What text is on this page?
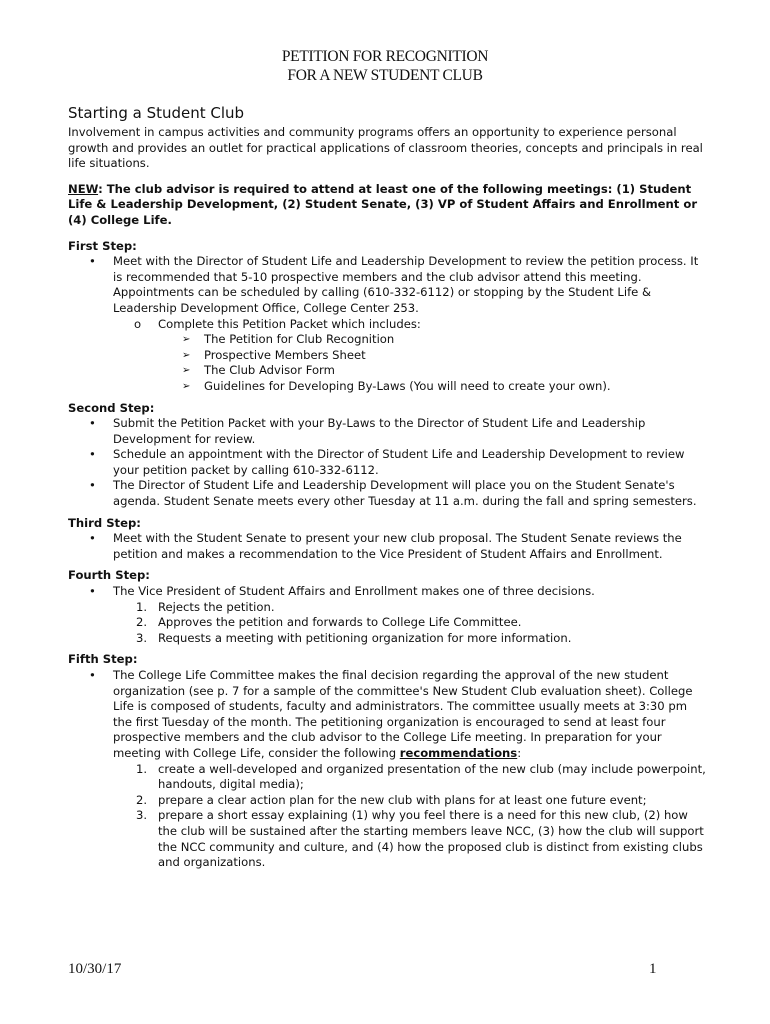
PETITION FOR RECOGNITION
FOR A NEW STUDENT CLUB
Starting a Student Club

Involvement in campus activities and community programs offers an opportunity to experience personal growth and provides an outlet for practical applications of classroom theories, concepts and principals in real life situations.

NEW: The club advisor is required to attend at least one of the following meetings: (1) Student Life & Leadership Development, (2) Student Senate, (3) VP of Student Affairs and Enrollment or (4) College Life.

First Step:
• Meet with the Director of Student Life and Leadership Development to review the petition process. It is recommended that 5-10 prospective members and the club advisor attend this meeting. Appointments can be scheduled by calling (610-332-6112) or stopping by the Student Life & Leadership Development Office, College Center 253.
o Complete this Petition Packet which includes:
➢ The Petition for Club Recognition
➢ Prospective Members Sheet
➢ The Club Advisor Form
➢ Guidelines for Developing By-Laws (You will need to create your own).
Second Step:
• Submit the Petition Packet with your By-Laws to the Director of Student Life and Leadership Development for review.
• Schedule an appointment with the Director of Student Life and Leadership Development to review your petition packet by calling 610-332-6112.
• The Director of Student Life and Leadership Development will place you on the Student Senate's agenda. Student Senate meets every other Tuesday at 11 a.m. during the fall and spring semesters.
Third Step:
• Meet with the Student Senate to present your new club proposal. The Student Senate reviews the petition and makes a recommendation to the Vice President of Student Affairs and Enrollment.
Fourth Step:
• The Vice President of Student Affairs and Enrollment makes one of three decisions.
1. Rejects the petition.
2. Approves the petition and forwards to College Life Committee.
3. Requests a meeting with petitioning organization for more information.
Fifth Step:
• The College Life Committee makes the final decision regarding the approval of the new student organization (see p. 7 for a sample of the committee's New Student Club evaluation sheet). College Life is composed of students, faculty and administrators. The committee usually meets at 3:30 pm the first Tuesday of the month. The petitioning organization is encouraged to send at least four prospective members and the club advisor to the College Life meeting. In preparation for your meeting with College Life, consider the following recommendations:
1. create a well-developed and organized presentation of the new club (may include powerpoint, handouts, digital media);
2. prepare a clear action plan for the new club with plans for at least one future event;
3. prepare a short essay explaining (1) why you feel there is a need for this new club, (2) how the club will be sustained after the starting members leave NCC, (3) how the club will support the NCC community and culture, and (4) how the proposed club is distinct from existing clubs and organizations.
10/30/17	1
